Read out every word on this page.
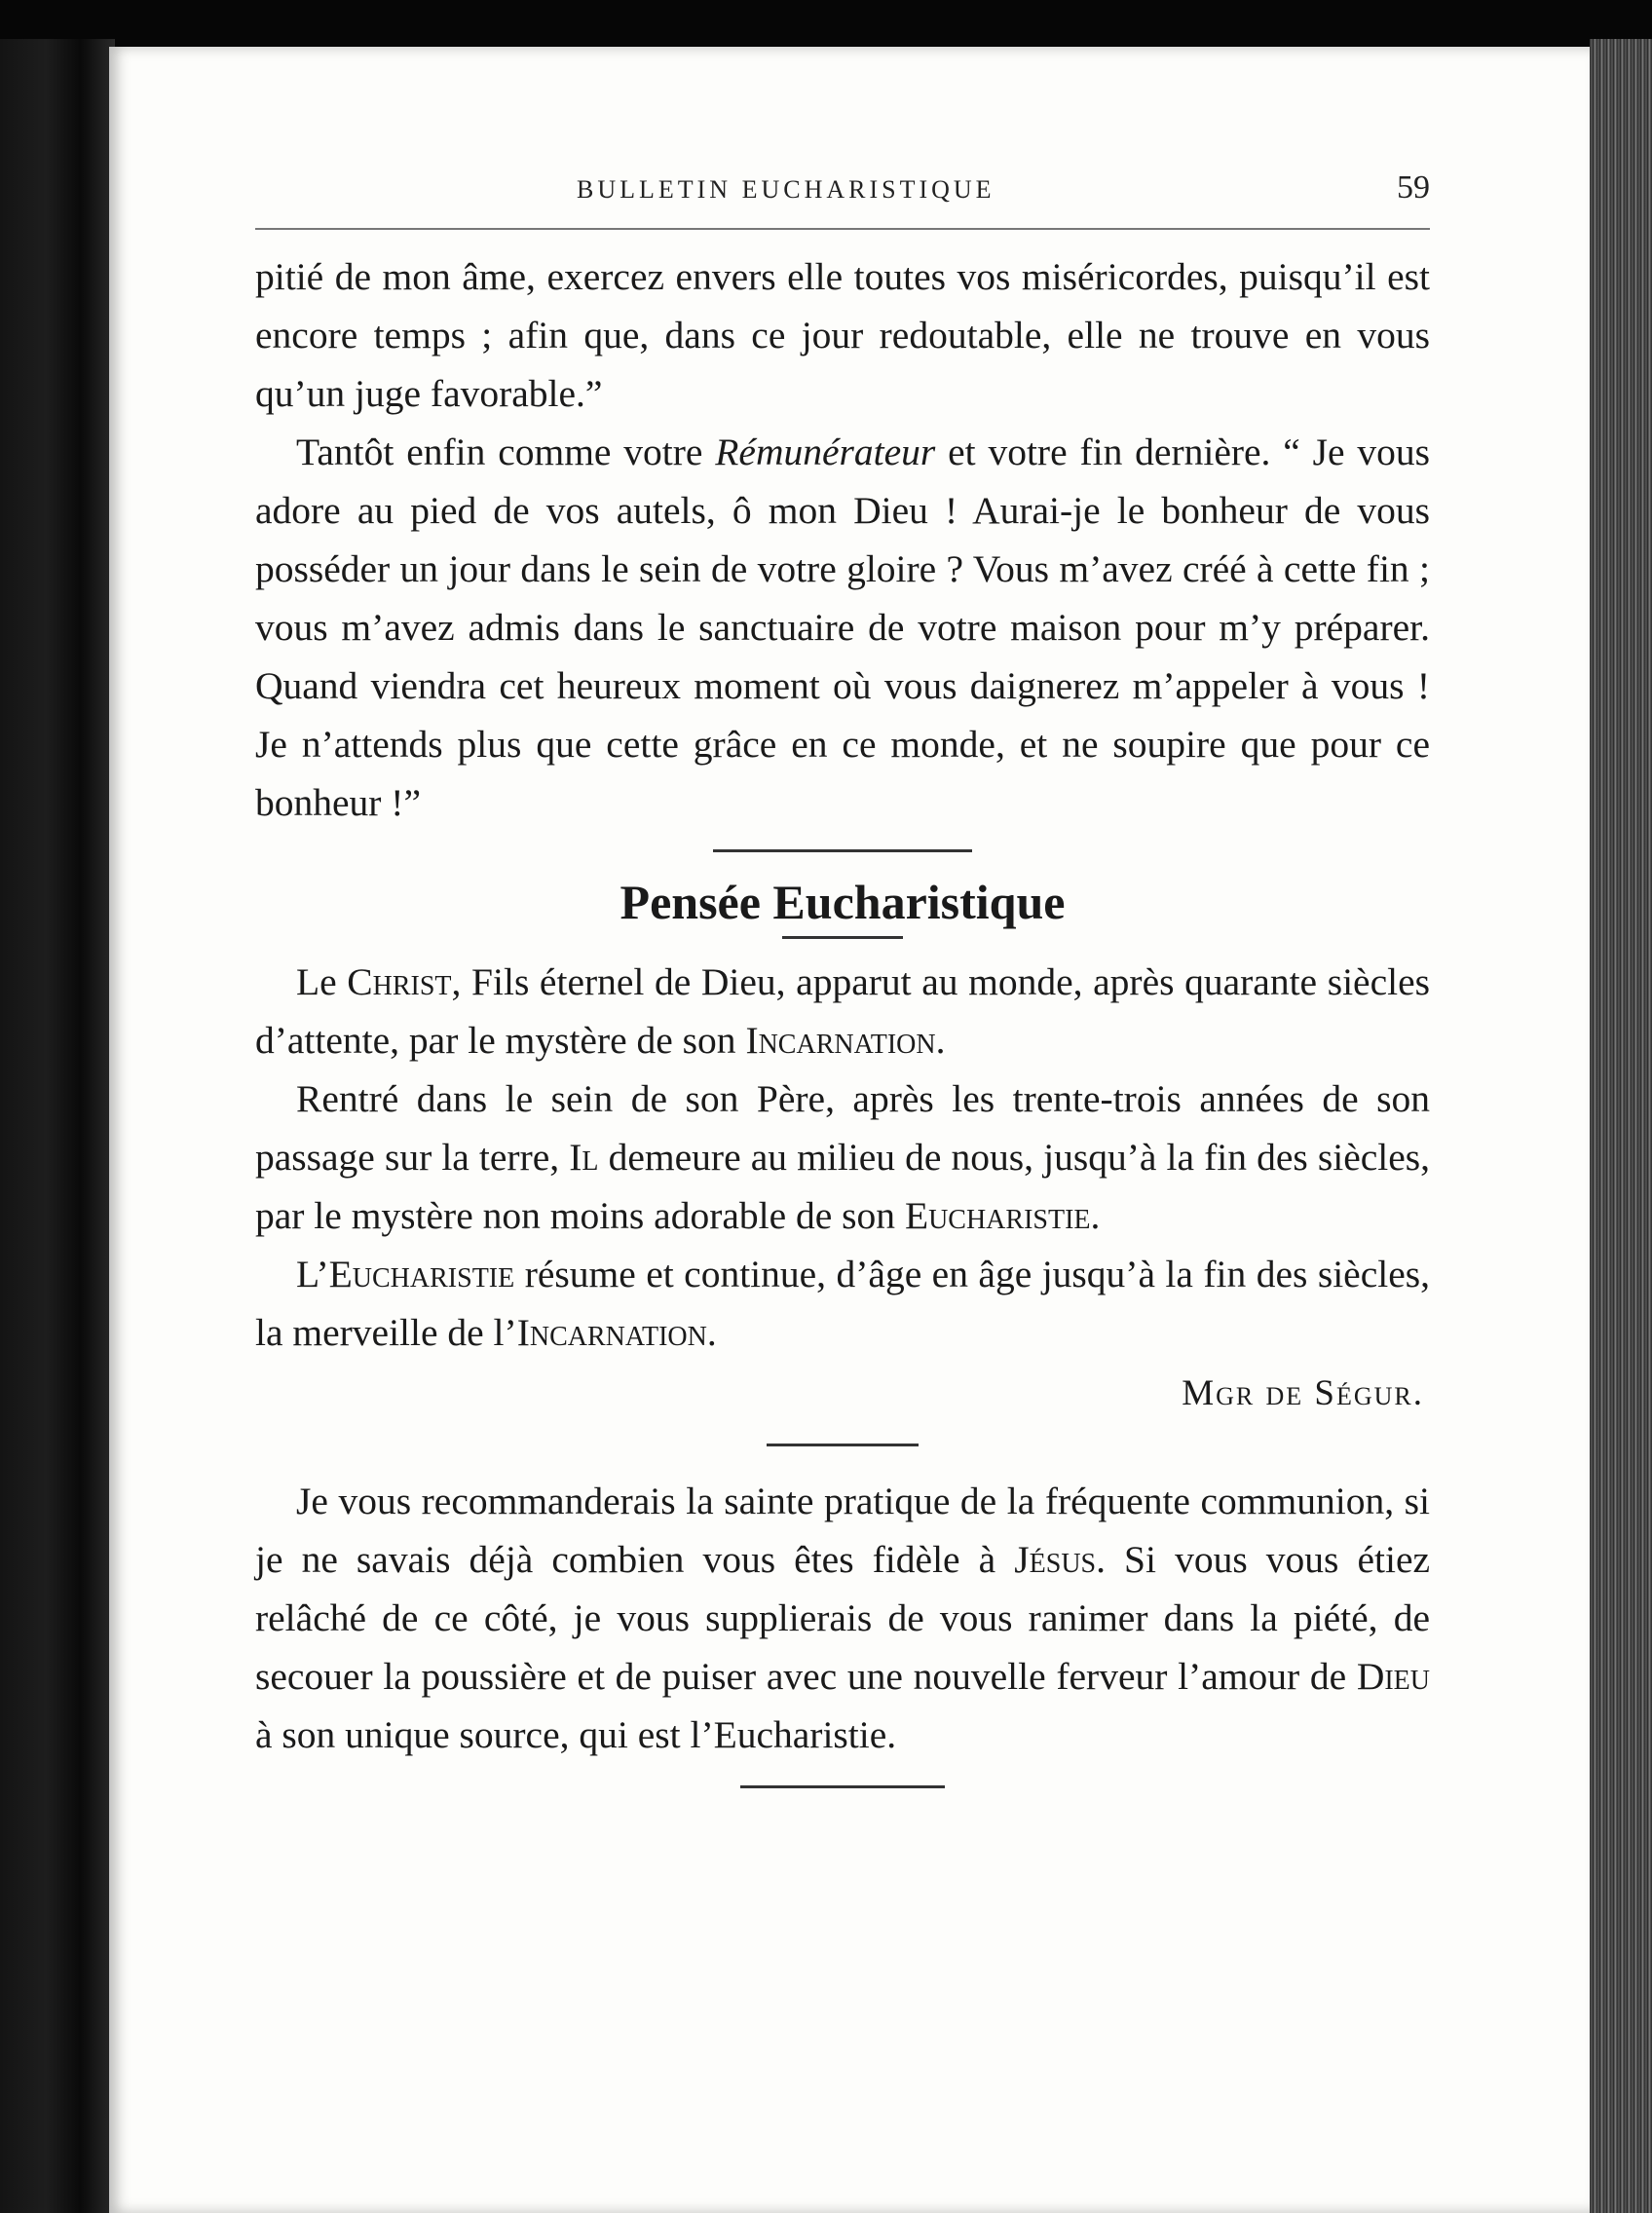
BULLETIN EUCHARISTIQUE	59

pitié de mon âme, exercez envers elle toutes vos miséricordes, puisqu’il est encore temps ; afin que, dans ce jour redoutable, elle ne trouve en vous qu’un juge favorable.”

Tantôt enfin comme votre Rémunérateur et votre fin dernière. “ Je vous adore au pied de vos autels, ô mon Dieu ! Aurai-je le bonheur de vous posséder un jour dans le sein de votre gloire ? Vous m’avez créé à cette fin ; vous m’avez admis dans le sanctuaire de votre maison pour m’y préparer. Quand viendra cet heureux moment où vous daignerez m’appeler à vous ! Je n’attends plus que cette grâce en ce monde, et ne soupire que pour ce bonheur !”

Pensée Eucharistique

Le Christ, Fils éternel de Dieu, apparut au monde, après quarante siècles d’attente, par le mystère de son Incarnation.

Rentré dans le sein de son Père, après les trente-trois années de son passage sur la terre, Il demeure au milieu de nous, jusqu’à la fin des siècles, par le mystère non moins adorable de son Eucharistie.

L’Eucharistie résume et continue, d’âge en âge jusqu’à la fin des siècles, la merveille de l’Incarnation.

Mgr de Ségur.

Je vous recommanderais la sainte pratique de la fréquente communion, si je ne savais déjà combien vous êtes fidèle à Jésus. Si vous vous étiez relâché de ce côté, je vous supplierais de vous ranimer dans la piété, de secouer la poussière et de puiser avec une nouvelle ferveur l’amour de Dieu à son unique source, qui est l’Eucharistie.
